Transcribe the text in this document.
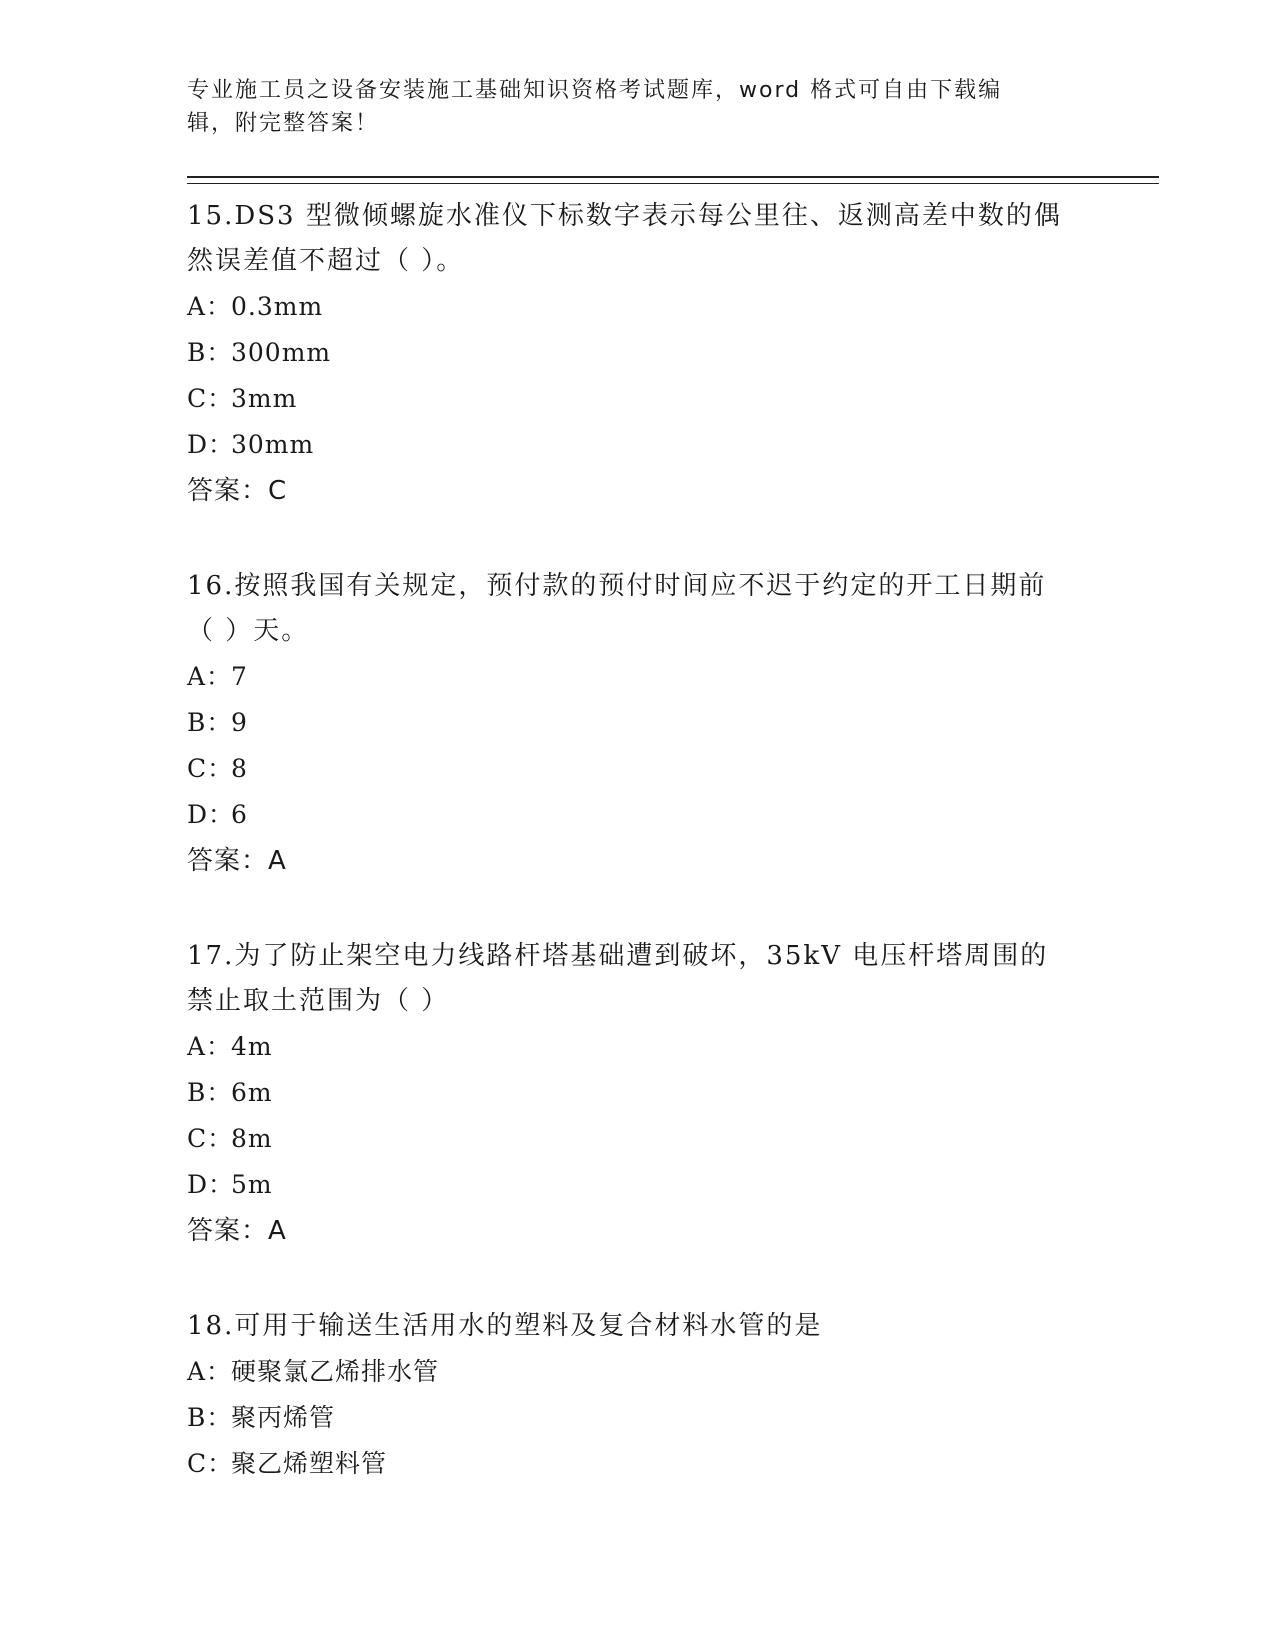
专业施工员之设备安装施工基础知识资格考试题库，word 格式可自由下载编辑，附完整答案！

15.DS3 型微倾螺旋水准仪下标数字表示每公里往、返测高差中数的偶然误差值不超过（ ）。

A：0.3mm
B：300mm
C：3mm
D：30mm
答案：C

16.按照我国有关规定，预付款的预付时间应不迟于约定的开工日期前（ ）天。

A：7
B：9
C：8
D：6
答案：A

17.为了防止架空电力线路杆塔基础遭到破坏，35kV 电压杆塔周围的禁止取土范围为（ ）

A：4m
B：6m
C：8m
D：5m
答案：A

18.可用于输送生活用水的塑料及复合材料水管的是

A：硬聚氯乙烯排水管
B：聚丙烯管
C：聚乙烯塑料管
